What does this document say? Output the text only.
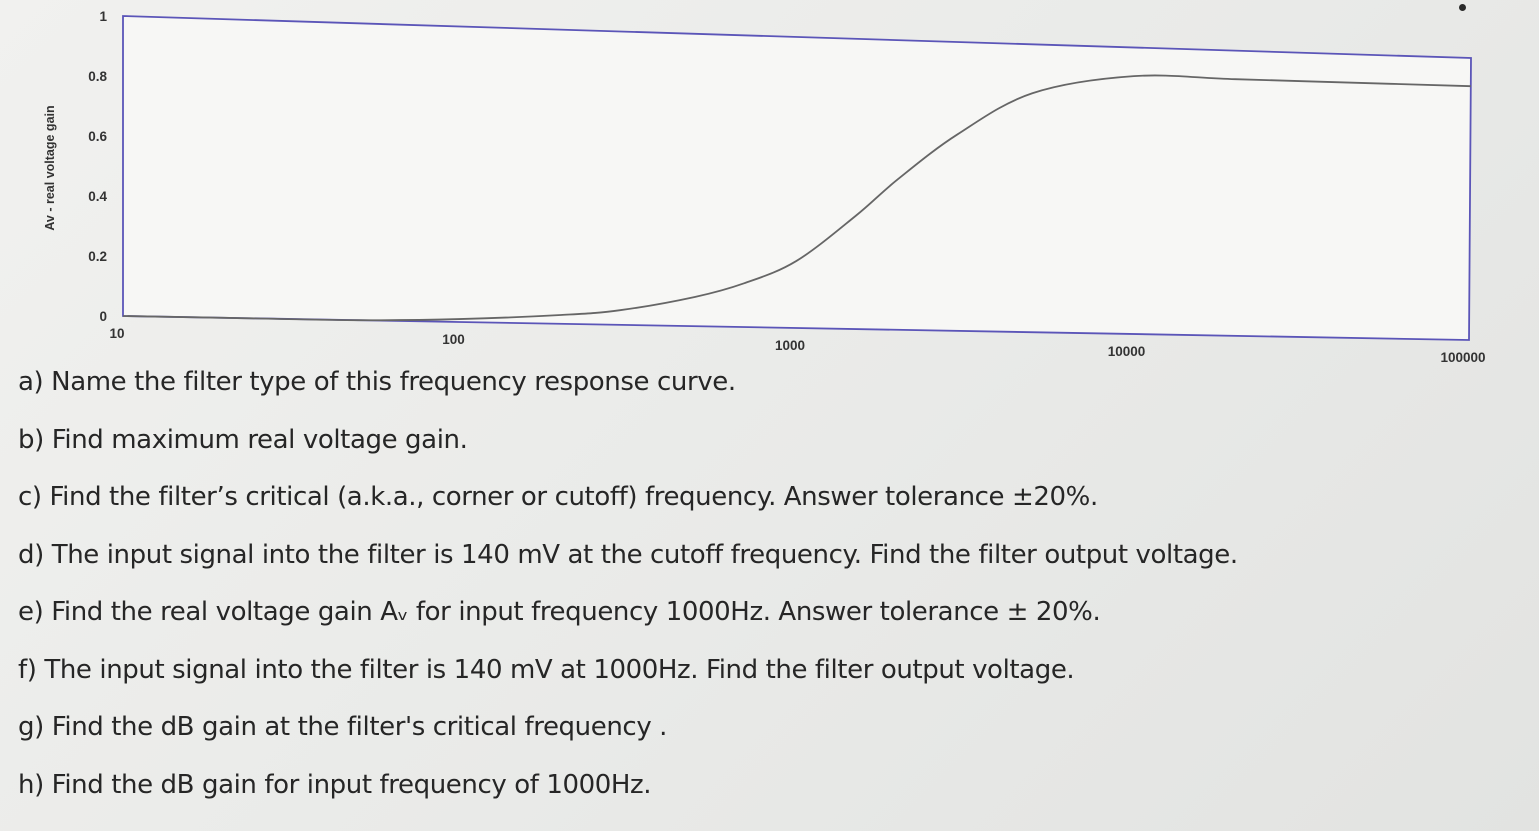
0
0.2
0.4
0.6
0.8
1
10	100	1000	10000	100000
Av - real voltage gain
a) Name the filter type of this frequency response curve.
b) Find maximum real voltage gain.
c) Find the filter’s critical (a.k.a., corner or cutoff) frequency. Answer tolerance ±20%.
d) The input signal into the filter is 140 mV at the cutoff frequency. Find the filter output voltage.
e) Find the real voltage gain Aᵥ for input frequency 1000Hz. Answer tolerance ± 20%.
f) The input signal into the filter is 140 mV at 1000Hz. Find the filter output voltage.
g) Find the dB gain at the filter's critical frequency .
h) Find the dB gain for input frequency of 1000Hz.
